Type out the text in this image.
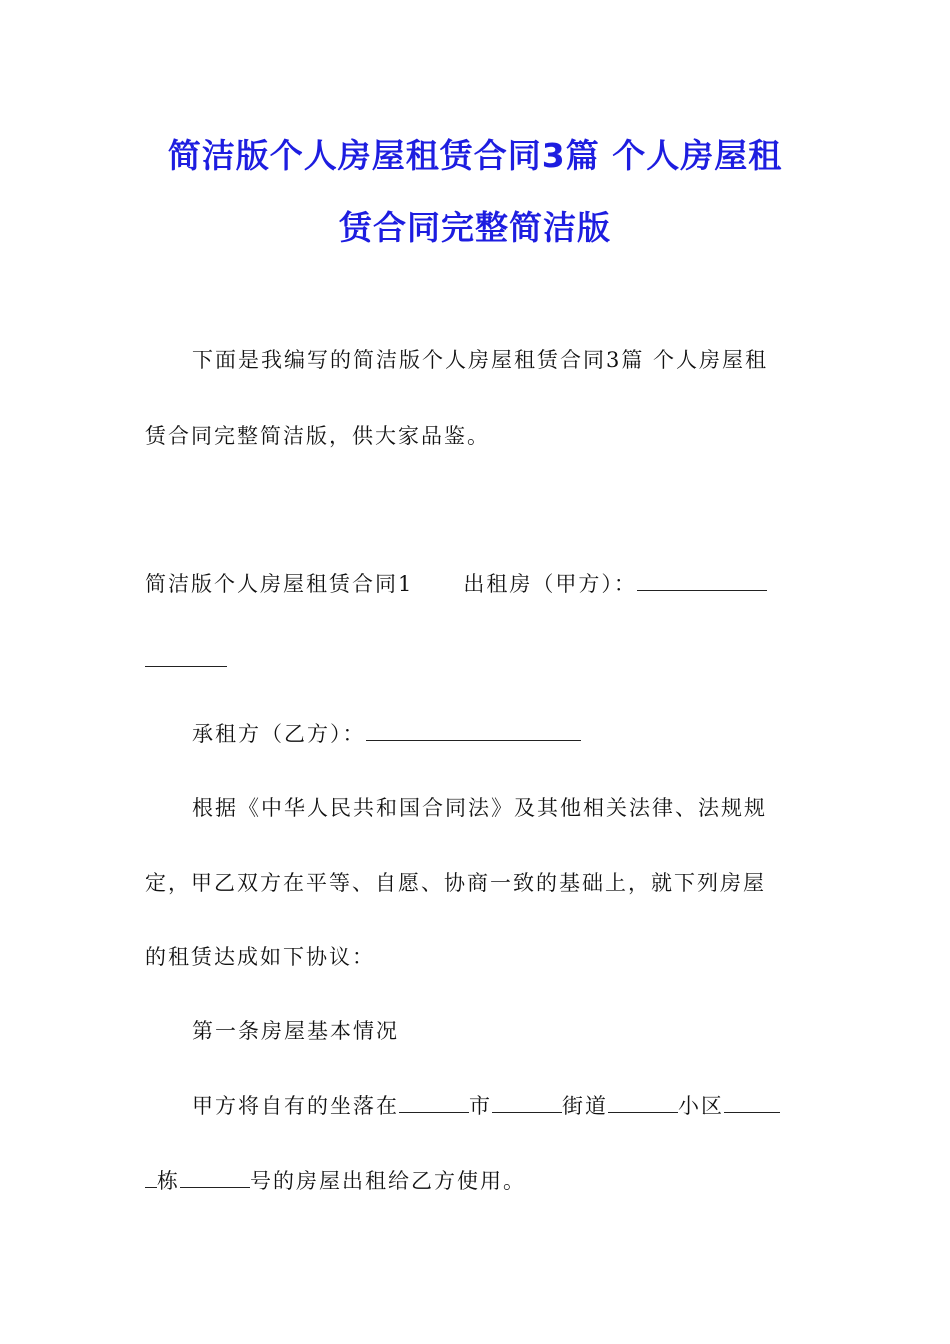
简洁版个人房屋租赁合同3篇 个人房屋租
赁合同完整简洁版
下面是我编写的简洁版个人房屋租赁合同3篇 个人房屋租
赁合同完整简洁版，供大家品鉴。
简洁版个人房屋租赁合同1 出租房（甲方）：
承租方（乙方）：
根据《中华人民共和国合同法》及其他相关法律、法规规
定，甲乙双方在平等、自愿、协商一致的基础上，就下列房屋
的租赁达成如下协议：
第一条房屋基本情况
甲方将自有的坐落在	市	街道	小区
栋	号的房屋出租给乙方使用。
